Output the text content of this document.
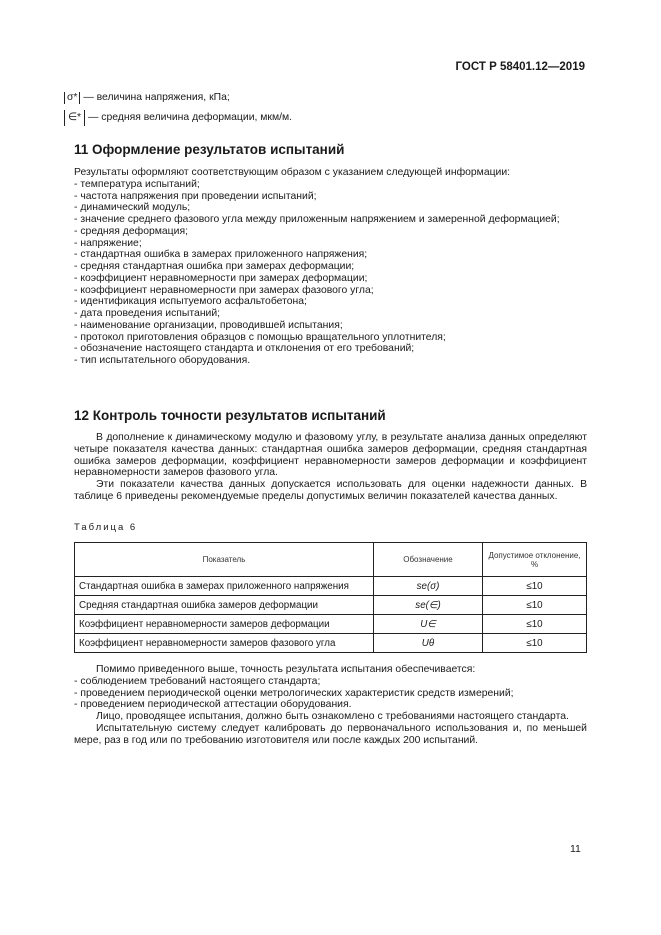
ГОСТ Р 58401.12—2019
σ* — величина напряжения, кПа;
∈* — средняя величина деформации, мкм/м.
11 Оформление результатов испытаний
Результаты оформляют соответствующим образом с указанием следующей информации:
- температура испытаний;
- частота напряжения при проведении испытаний;
- динамический модуль;
- значение среднего фазового угла между приложенным напряжением и замеренной деформацией;
- средняя деформация;
- напряжение;
- стандартная ошибка в замерах приложенного напряжения;
- средняя стандартная ошибка при замерах деформации;
- коэффициент неравномерности при замерах деформации;
- коэффициент неравномерности при замерах фазового угла;
- идентификация испытуемого асфальтобетона;
- дата проведения испытаний;
- наименование организации, проводившей испытания;
- протокол приготовления образцов с помощью вращательного уплотнителя;
- обозначение настоящего стандарта и отклонения от его требований;
- тип испытательного оборудования.
12 Контроль точности результатов испытаний
В дополнение к динамическому модулю и фазовому углу, в результате анализа данных определяют четыре показателя качества данных: стандартная ошибка замеров деформации, средняя стандартная ошибка замеров деформации, коэффициент неравномерности замеров деформации и коэффициент неравномерности замеров фазового угла.
Эти показатели качества данных допускается использовать для оценки надежности данных. В таблице 6 приведены рекомендуемые пределы допустимых величин показателей качества данных.
Таблица 6
Показатель	Обозначение	Допустимое отклонение, %
Стандартная ошибка в замерах приложенного напряжения	se(σ)	≤10
Средняя стандартная ошибка замеров деформации	se(∈)	≤10
Коэффициент неравномерности замеров деформации	U∈	≤10
Коэффициент неравномерности замеров фазового угла	Uθ	≤10
Помимо приведенного выше, точность результата испытания обеспечивается:
- соблюдением требований настоящего стандарта;
- проведением периодической оценки метрологических характеристик средств измерений;
- проведением периодической аттестации оборудования.
Лицо, проводящее испытания, должно быть ознакомлено с требованиями настоящего стандарта.
Испытательную систему следует калибровать до первоначального использования и, по меньшей мере, раз в год или по требованию изготовителя или после каждых 200 испытаний.
11
